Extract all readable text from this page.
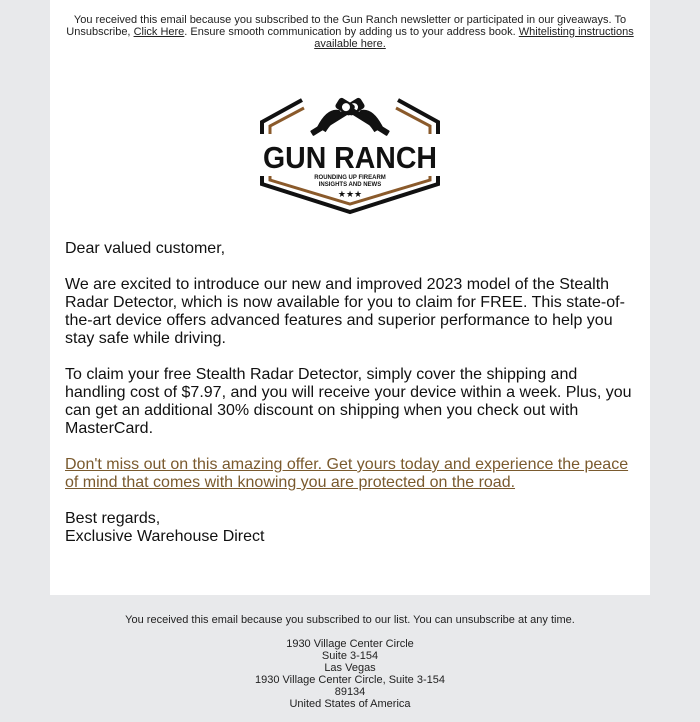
You received this email because you subscribed to the Gun Ranch newsletter or participated in our giveaways. To Unsubscribe, Click Here. Ensure smooth communication by adding us to your address book. Whitelisting instructions available here.
GUN RANCH
ROUNDING UP FIREARM
INSIGHTS AND NEWS
★★★

Dear valued customer,

We are excited to introduce our new and improved 2023 model of the Stealth Radar Detector, which is now available for you to claim for FREE. This state-of-the-art device offers advanced features and superior performance to help you stay safe while driving.

To claim your free Stealth Radar Detector, simply cover the shipping and handling cost of $7.97, and you will receive your device within a week. Plus, you can get an additional 30% discount on shipping when you check out with MasterCard.

Don't miss out on this amazing offer. Get yours today and experience the peace of mind that comes with knowing you are protected on the road.

Best regards,

Exclusive Warehouse Direct

You received this email because you subscribed to our list. You can unsubscribe at any time.

1930 Village Center Circle
Suite 3-154
Las Vegas
1930 Village Center Circle, Suite 3-154
89134
United States of America
